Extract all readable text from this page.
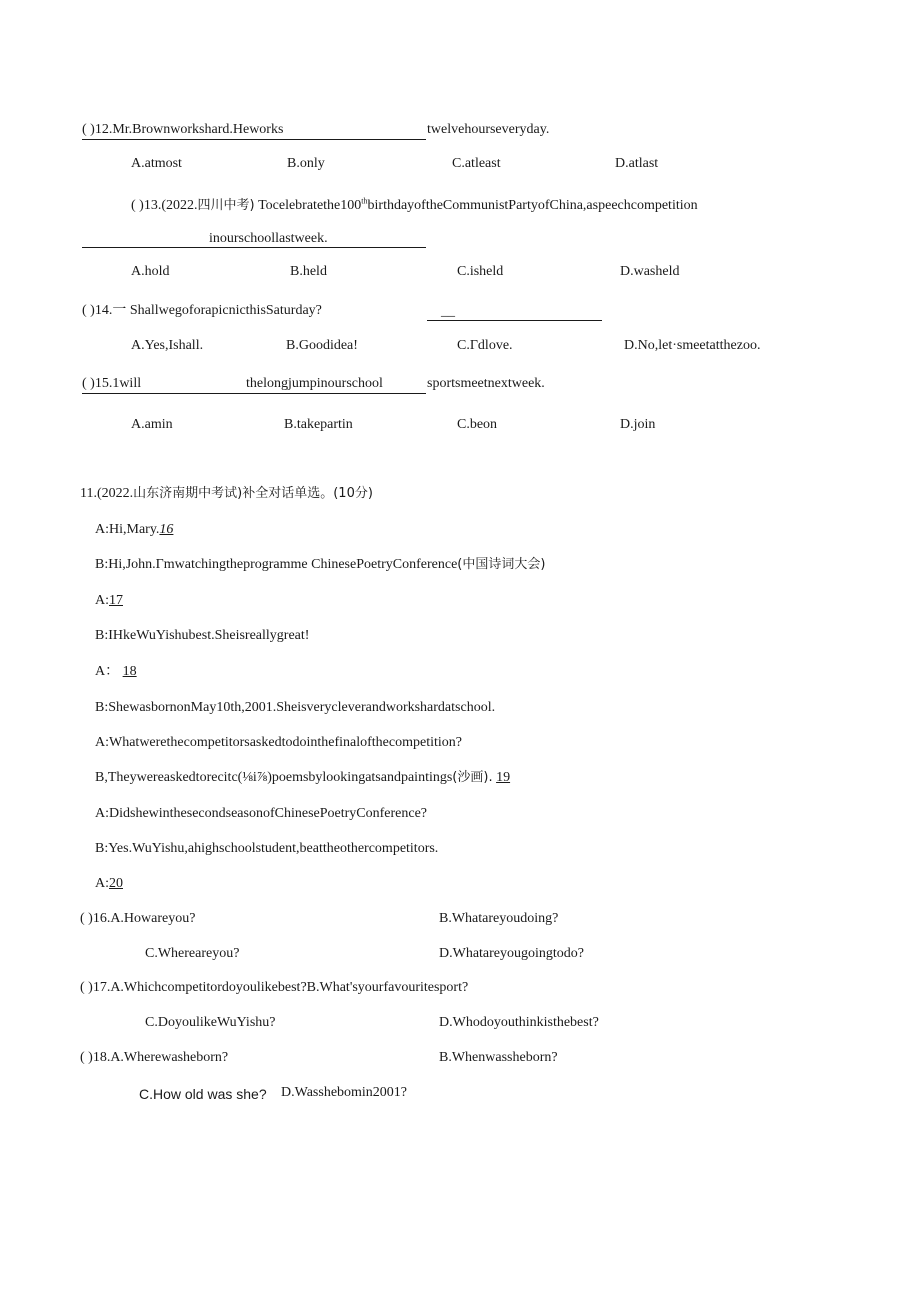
( )12.Mr.Brownworkshard.Heworks	twelvehourseveryday.
A.atmost	B.only	C.atleast	D.atlast
( )13.(2022.四川中考) Tocelebratethe100thbirthdayoftheCommunistPartyofChina,aspeechcompetition
inourschoollastweek.
A.hold	B.held	C.isheld	D.washeld
( )14.一 ShallwegoforapicnicthisSaturday?	__
A.Yes,Ishall.	B.Goodidea!	C.Γdlove.	D.No,let·smeetatthezoo.
( )15.1will	thelongjumpinourschool	sportsmeetnextweek.
A.amin	B.takepartin	C.beon	D.join
11.(2022.山东济南期中考试)补全对话单选。(10分)
A:Hi,Mary.16
B:Hi,John.Γmwatchingtheprogramme ChinesePoetryConference(中国诗词大会)
A:17
B:IHkeWuYishubest.Sheisreallygreat!
A： 18
B:ShewasbornonMay10th,2001.Sheisverycleverandworkshardatschool.
A:Whatwerethecompetitorsaskedtodointhefinalofthecompetition?
B,Theywereaskedtorecitc(⅛i⅞)poemsbylookingatsandpaintings(沙画). 19
A:DidshewinthesecondseasonofChinesePoetryConference?
B:Yes.WuYishu,ahighschoolstudent,beattheothercompetitors.
A:20
( )16.A.Howareyou?	B.Whatareyoudoing?
C.Whereareyou?	D.Whatareyougoingtodo?
( )17.A.Whichcompetitordoyoulikebest?B.What'syourfavouritesport?
C.DoyoulikeWuYishu?	D.Whodoyouthinkisthebest?
( )18.A.Wherewasheborn?	B.Whenwassheborn?
C.How old was she? D.Wasshebomin2001?
